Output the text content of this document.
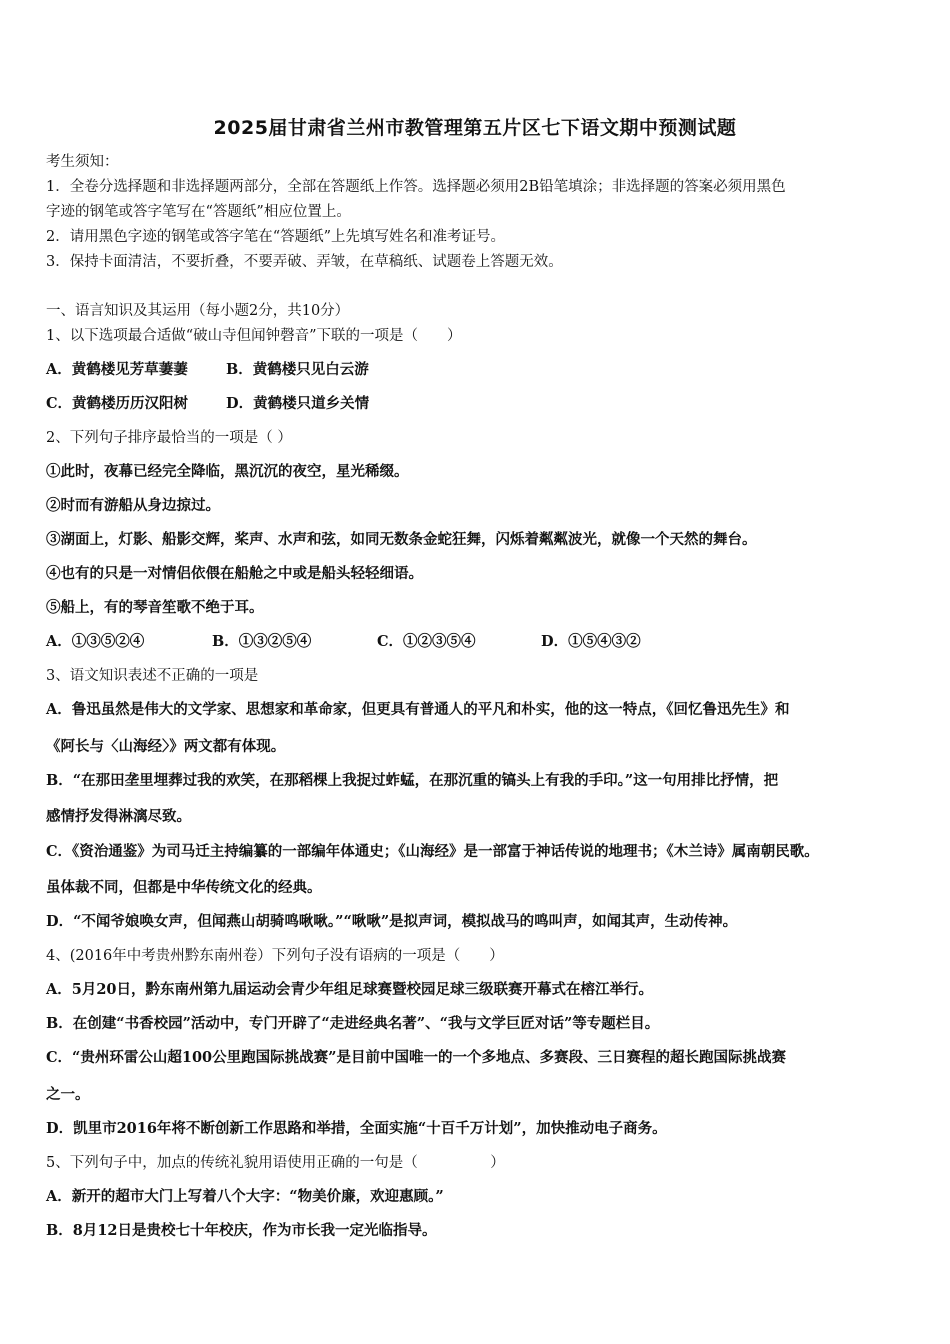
2025届甘肃省兰州市教管理第五片区七下语文期中预测试题
考生须知：
1．全卷分选择题和非选择题两部分，全部在答题纸上作答。选择题必须用2B铅笔填涂；非选择题的答案必须用黑色
字迹的钢笔或答字笔写在“答题纸”相应位置上。
2．请用黑色字迹的钢笔或答字笔在“答题纸”上先填写姓名和准考证号。
3．保持卡面清洁，不要折叠，不要弄破、弄皱，在草稿纸、试题卷上答题无效。
一、语言知识及其运用（每小题2分，共10分）
1、以下选项最合适做“破山寺但闻钟磬音”下联的一项是（　　）
A．黄鹤楼见芳草萋萋	B．黄鹤楼只见白云游
C．黄鹤楼历历汉阳树	D．黄鹤楼只道乡关情
2、下列句子排序最恰当的一项是（ ）
①此时，夜幕已经完全降临，黑沉沉的夜空，星光稀缀。
②时而有游船从身边掠过。
③湖面上，灯影、船影交辉，桨声、水声和弦，如同无数条金蛇狂舞，闪烁着粼粼波光，就像一个天然的舞台。
④也有的只是一对情侣依偎在船舱之中或是船头轻轻细语。
⑤船上，有的琴音笙歌不绝于耳。
A．①③⑤②④	B．①③②⑤④	C．①②③⑤④	D．①⑤④③②
3、语文知识表述不正确的一项是
A．鲁迅虽然是伟大的文学家、思想家和革命家，但更具有普通人的平凡和朴实，他的这一特点，《回忆鲁迅先生》和
《阿长与〈山海经〉》两文都有体现。
B．“在那田垄里埋葬过我的欢笑，在那稻棵上我捉过蚱蜢，在那沉重的镐头上有我的手印。”这一句用排比抒情，把
感情抒发得淋漓尽致。
C．《资治通鉴》为司马迁主持编纂的一部编年体通史；《山海经》是一部富于神话传说的地理书；《木兰诗》属南朝民歌。
虽体裁不同，但都是中华传统文化的经典。
D．“不闻爷娘唤女声，但闻燕山胡骑鸣啾啾。”“啾啾”是拟声词，模拟战马的鸣叫声，如闻其声，生动传神。
4、(2016年中考贵州黔东南州卷）下列句子没有语病的一项是（　　）
A．5月20日，黔东南州第九届运动会青少年组足球赛暨校园足球三级联赛开幕式在榕江举行。
B．在创建“书香校园”活动中，专门开辟了“走进经典名著”、“我与文学巨匠对话”等专题栏目。
C．“贵州环雷公山超100公里跑国际挑战赛”是目前中国唯一的一个多地点、多赛段、三日赛程的超长跑国际挑战赛
之一。
D．凯里市2016年将不断创新工作思路和举措，全面实施“十百千万计划”，加快推动电子商务。
5、下列句子中，加点的传统礼貌用语使用正确的一句是（　　　　　）
A．新开的超市大门上写着八个大字：“物美价廉，欢迎惠顾。”
B．8月12日是贵校七十年校庆，作为市长我一定光临指导。
